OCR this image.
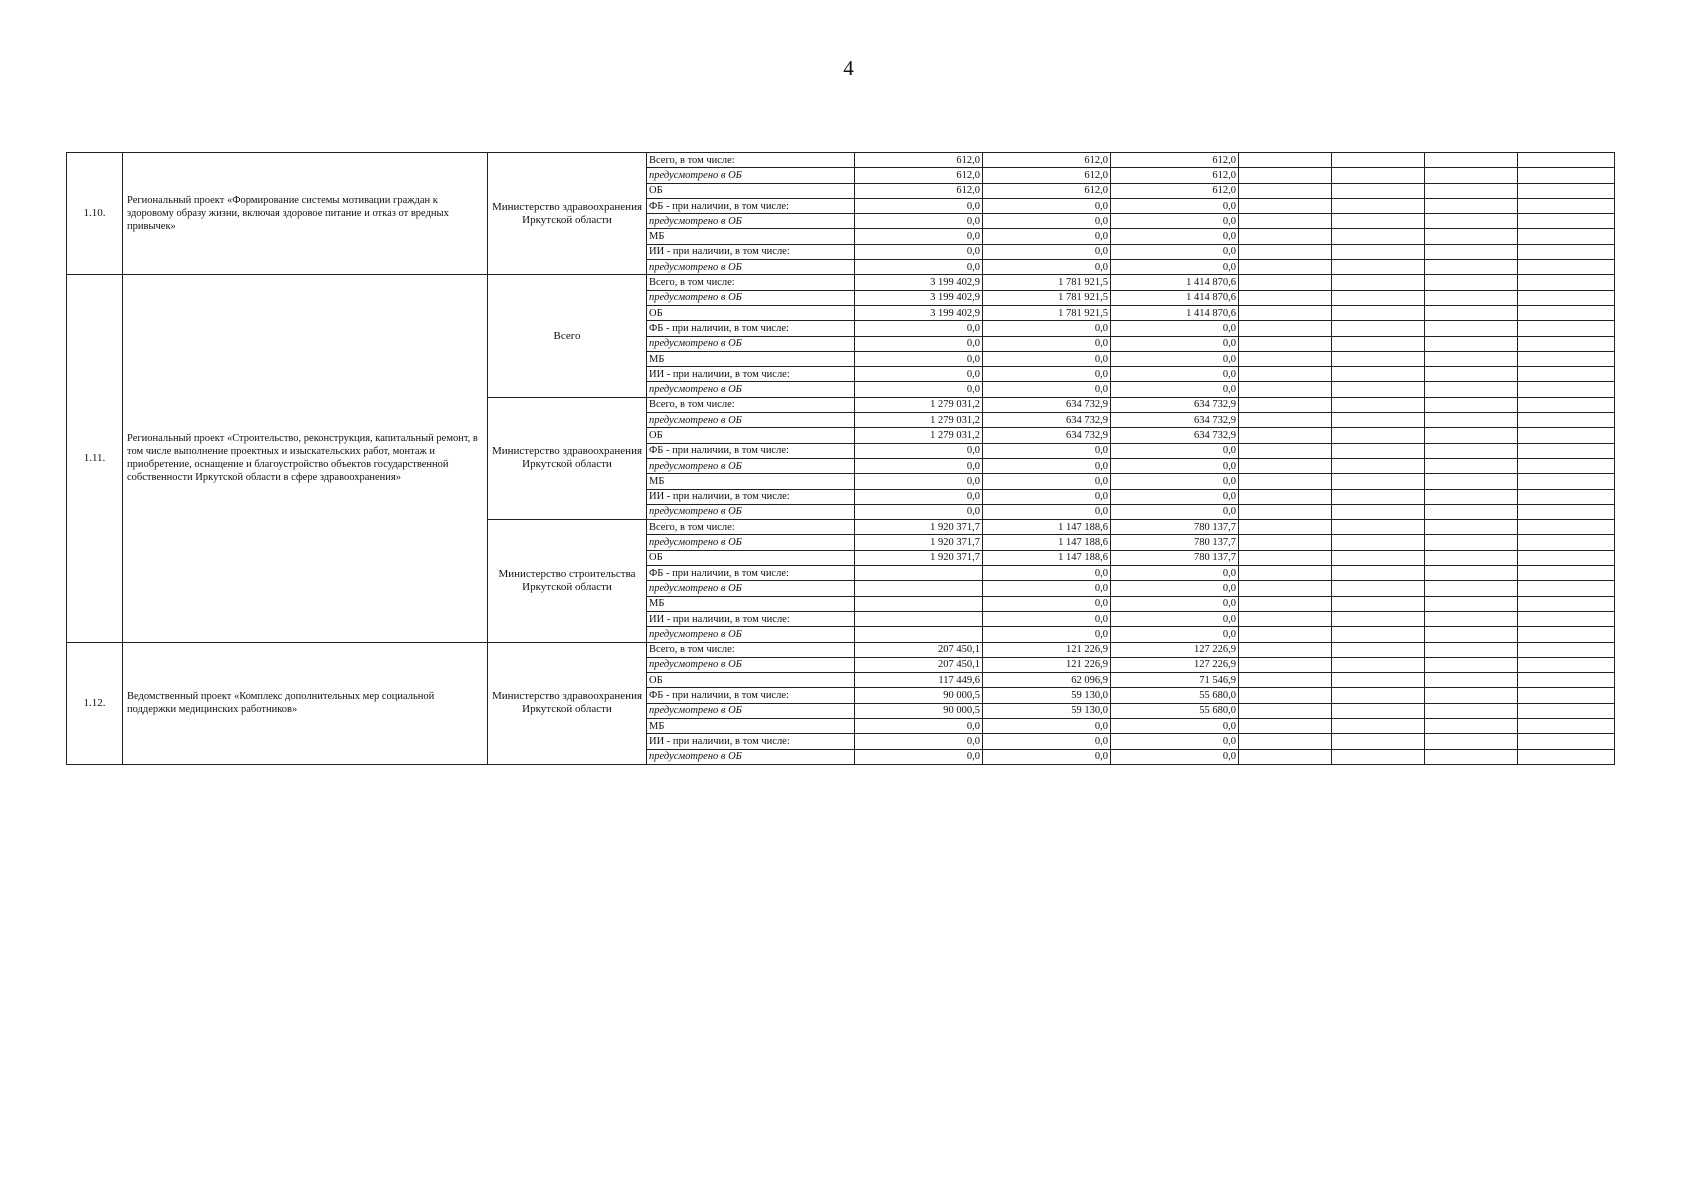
4
1.10.	Региональный проект «Формирование системы мотивации граждан к здоровому образу жизни, включая здоровое питание и отказ от вредных привычек»	Министерство здравоохранения Иркутской области	Всего, в том числе:	612,0	612,0	612,0				
			предусмотрено в ОБ	612,0	612,0	612,0				
			ОБ	612,0	612,0	612,0				
			ФБ - при наличии, в том числе:	0,0	0,0	0,0				
			предусмотрено в ОБ	0,0	0,0	0,0				
			МБ	0,0	0,0	0,0				
			ИИ - при наличии, в том числе:	0,0	0,0	0,0				
			предусмотрено в ОБ	0,0	0,0	0,0				
1.11.	Региональный проект «Строительство, реконструкция, капитальный ремонт, в том числе выполнение проектных и изыскательских работ, монтаж и приобретение, оснащение и благоустройство объектов государственной собственности Иркутской области в сфере здравоохранения»	Всего	Всего, в том числе:	3 199 402,9	1 781 921,5	1 414 870,6				
			предусмотрено в ОБ	3 199 402,9	1 781 921,5	1 414 870,6				
			ОБ	3 199 402,9	1 781 921,5	1 414 870,6				
			ФБ - при наличии, в том числе:	0,0	0,0	0,0				
			предусмотрено в ОБ	0,0	0,0	0,0				
			МБ	0,0	0,0	0,0				
			ИИ - при наличии, в том числе:	0,0	0,0	0,0				
			предусмотрено в ОБ	0,0	0,0	0,0				
		Министерство здравоохранения Иркутской области	Всего, в том числе:	1 279 031,2	634 732,9	634 732,9				
			предусмотрено в ОБ	1 279 031,2	634 732,9	634 732,9				
			ОБ	1 279 031,2	634 732,9	634 732,9				
			ФБ - при наличии, в том числе:	0,0	0,0	0,0				
			предусмотрено в ОБ	0,0	0,0	0,0				
			МБ	0,0	0,0	0,0				
			ИИ - при наличии, в том числе:	0,0	0,0	0,0				
			предусмотрено в ОБ	0,0	0,0	0,0				
		Министерство строительства Иркутской области	Всего, в том числе:	1 920 371,7	1 147 188,6	780 137,7				
			предусмотрено в ОБ	1 920 371,7	1 147 188,6	780 137,7				
			ОБ	1 920 371,7	1 147 188,6	780 137,7				
			ФБ - при наличии, в том числе:		0,0	0,0				
			предусмотрено в ОБ		0,0	0,0				
			МБ		0,0	0,0				
			ИИ - при наличии, в том числе:		0,0	0,0				
			предусмотрено в ОБ		0,0	0,0				
1.12.	Ведомственный проект «Комплекс дополнительных мер социальной поддержки медицинских работников»	Министерство здравоохранения Иркутской области	Всего, в том числе:	207 450,1	121 226,9	127 226,9				
			предусмотрено в ОБ	207 450,1	121 226,9	127 226,9				
			ОБ	117 449,6	62 096,9	71 546,9				
			ФБ - при наличии, в том числе:	90 000,5	59 130,0	55 680,0				
			предусмотрено в ОБ	90 000,5	59 130,0	55 680,0				
			МБ	0,0	0,0	0,0				
			ИИ - при наличии, в том числе:	0,0	0,0	0,0				
			предусмотрено в ОБ	0,0	0,0	0,0				
